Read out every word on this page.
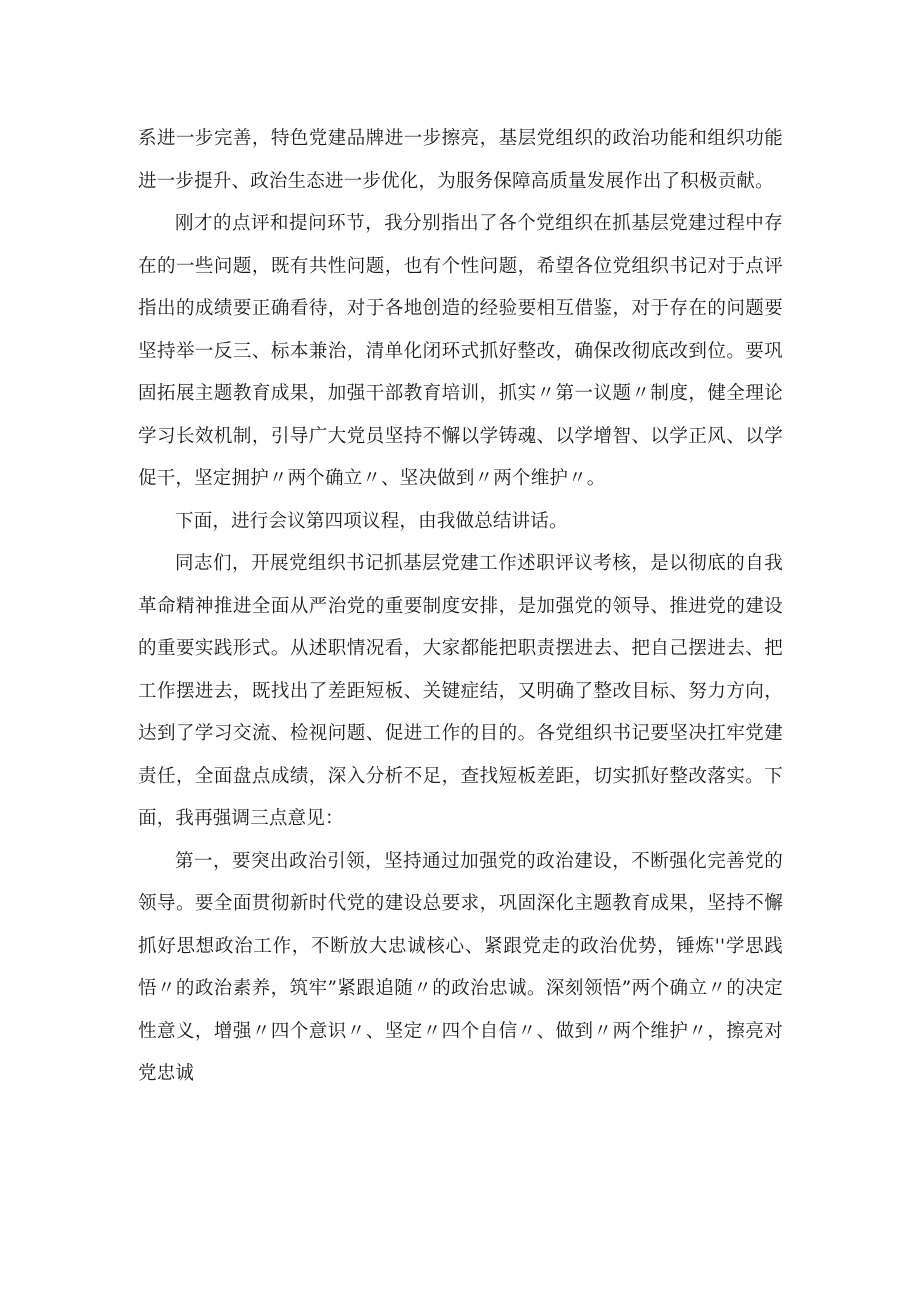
系进一步完善，特色党建品牌进一步擦亮，基层党组织的政治功能和组织功能进一步提升、政治生态进一步优化，为服务保障高质量发展作出了积极贡献。

刚才的点评和提问环节，我分别指出了各个党组织在抓基层党建过程中存在的一些问题，既有共性问题，也有个性问题，希望各位党组织书记对于点评指出的成绩要正确看待，对于各地创造的经验要相互借鉴，对于存在的问题要坚持举一反三、标本兼治，清单化闭环式抓好整改，确保改彻底改到位。要巩固拓展主题教育成果，加强干部教育培训，抓实〃第一议题〃制度，健全理论学习长效机制，引导广大党员坚持不懈以学铸魂、以学增智、以学正风、以学促干，坚定拥护〃两个确立〃、坚决做到〃两个维护〃。

下面，进行会议第四项议程，由我做总结讲话。

同志们，开展党组织书记抓基层党建工作述职评议考核，是以彻底的自我革命精神推进全面从严治党的重要制度安排，是加强党的领导、推进党的建设的重要实践形式。从述职情况看，大家都能把职责摆进去、把自己摆进去、把工作摆进去，既找出了差距短板、关键症结，又明确了整改目标、努力方向，达到了学习交流、检视问题、促进工作的目的。各党组织书记要坚决扛牢党建责任，全面盘点成绩，深入分析不足，查找短板差距，切实抓好整改落实。下面，我再强调三点意见：

第一，要突出政治引领，坚持通过加强党的政治建设，不断强化完善党的领导。要全面贯彻新时代党的建设总要求，巩固深化主题教育成果，坚持不懈抓好思想政治工作，不断放大忠诚核心、紧跟党走的政治优势，锤炼''学思践悟〃的政治素养，筑牢”紧跟追随〃的政治忠诚。深刻领悟”两个确立〃的决定性意义，增强〃四个意识〃、坚定〃四个自信〃、做到〃两个维护〃，擦亮对党忠诚
